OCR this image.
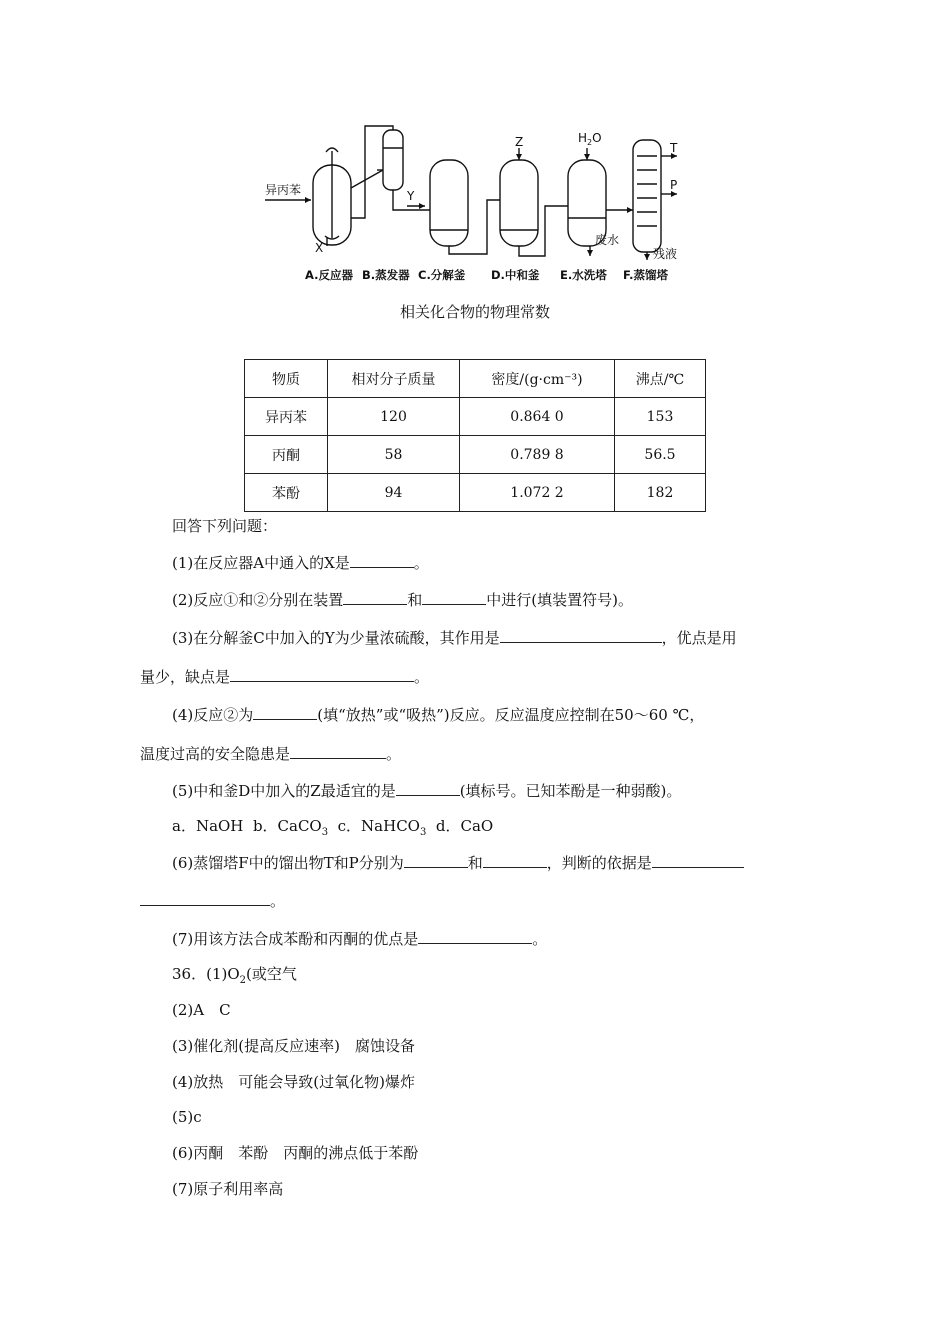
异丙苯
X
Y
Z	$H_2O$
废水
残液
T
P
A.反应器 B.蒸发器 C.分解釜 D.中和釜 E.水洗塔 F.蒸馏塔
相关化合物的物理常数
物质	相对分子质量	密度/(g·cm⁻³)	沸点/℃
异丙苯	120	0.864 0	153
丙酮	58	0.789 8	56.5
苯酚	94	1.072 2	182
回答下列问题：
(1)在反应器A中通入的X是	。
(2)反应①和②分别在装置	和	中进行(填装置符号)。
(3)在分解釜C中加入的Y为少量浓硫酸，其作用是	，优点是用
量少，缺点是	。
(4)反应②为	(填“放热”或“吸热”)反应。反应温度应控制在50～60 ℃，
温度过高的安全隐患是	。
(5)中和釜D中加入的Z最适宜的是	(填标号。已知苯酚是一种弱酸)。
a．NaOH b．CaCO$_3$ c．NaHCO$_3$ d．CaO
(6)蒸馏塔F中的馏出物T和P分别为	和	，判断的依据是
。
(7)用该方法合成苯酚和丙酮的优点是	。
36．$(1)O_2$(或空气
(2)A　C
(3)催化剂(提高反应速率)　腐蚀设备
(4)放热　可能会导致(过氧化物)爆炸
(5)c
(6)丙酮　苯酚　丙酮的沸点低于苯酚
(7)原子利用率高
